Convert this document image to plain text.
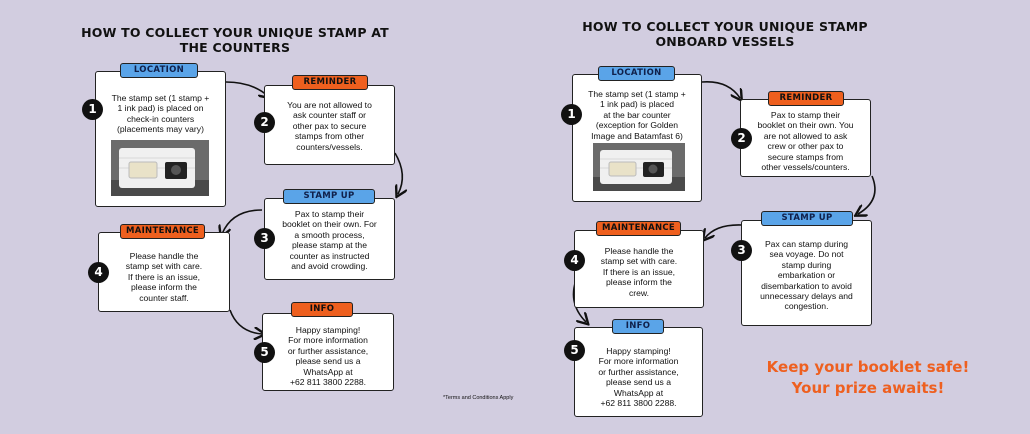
HOW TO COLLECT YOUR UNIQUE STAMP AT
THE COUNTERS
HOW TO COLLECT YOUR UNIQUE STAMP
ONBOARD VESSELS
The stamp set (1 stamp +
1 ink pad) is placed on
check-in counters
(placements may vary)
LOCATION
1	You are not allowed to
ask counter staff or
other pax to secure
stamps from other
counters/vessels.
REMINDER
2
Pax to stamp their
booklet on their own. For
a smooth process,
please stamp at the
counter as instructed
and avoid crowding.
STAMP UP
3
Please handle the
stamp set with care.
If there is an issue,
please inform the
counter staff.
MAINTENANCE
4
Happy stamping!
For more information
or further assistance,
please send us a
WhatsApp at
+62 811 3800 2288.
INFO
5
*Terms and Conditions Apply
The stamp set (1 stamp +
1 ink pad) is placed
at the bar counter
(exception for Golden
Image and Batamfast 6)
LOCATION
1	Pax to stamp their
booklet on their own. You
are not allowed to ask
crew or other pax to
secure stamps from
other vessels/counters.
REMINDER
2
Pax can stamp during
sea voyage. Do not
stamp during
embarkation or
disembarkation to avoid
unnecessary delays and
congestion.
STAMP UP
3
Please handle the
stamp set with care.
If there is an issue,
please inform the
crew.
MAINTENANCE
4
Happy stamping!
For more information
or further assistance,
please send us a
WhatsApp at
+62 811 3800 2288.
INFO
5
Keep your booklet safe!
Your prize awaits!
